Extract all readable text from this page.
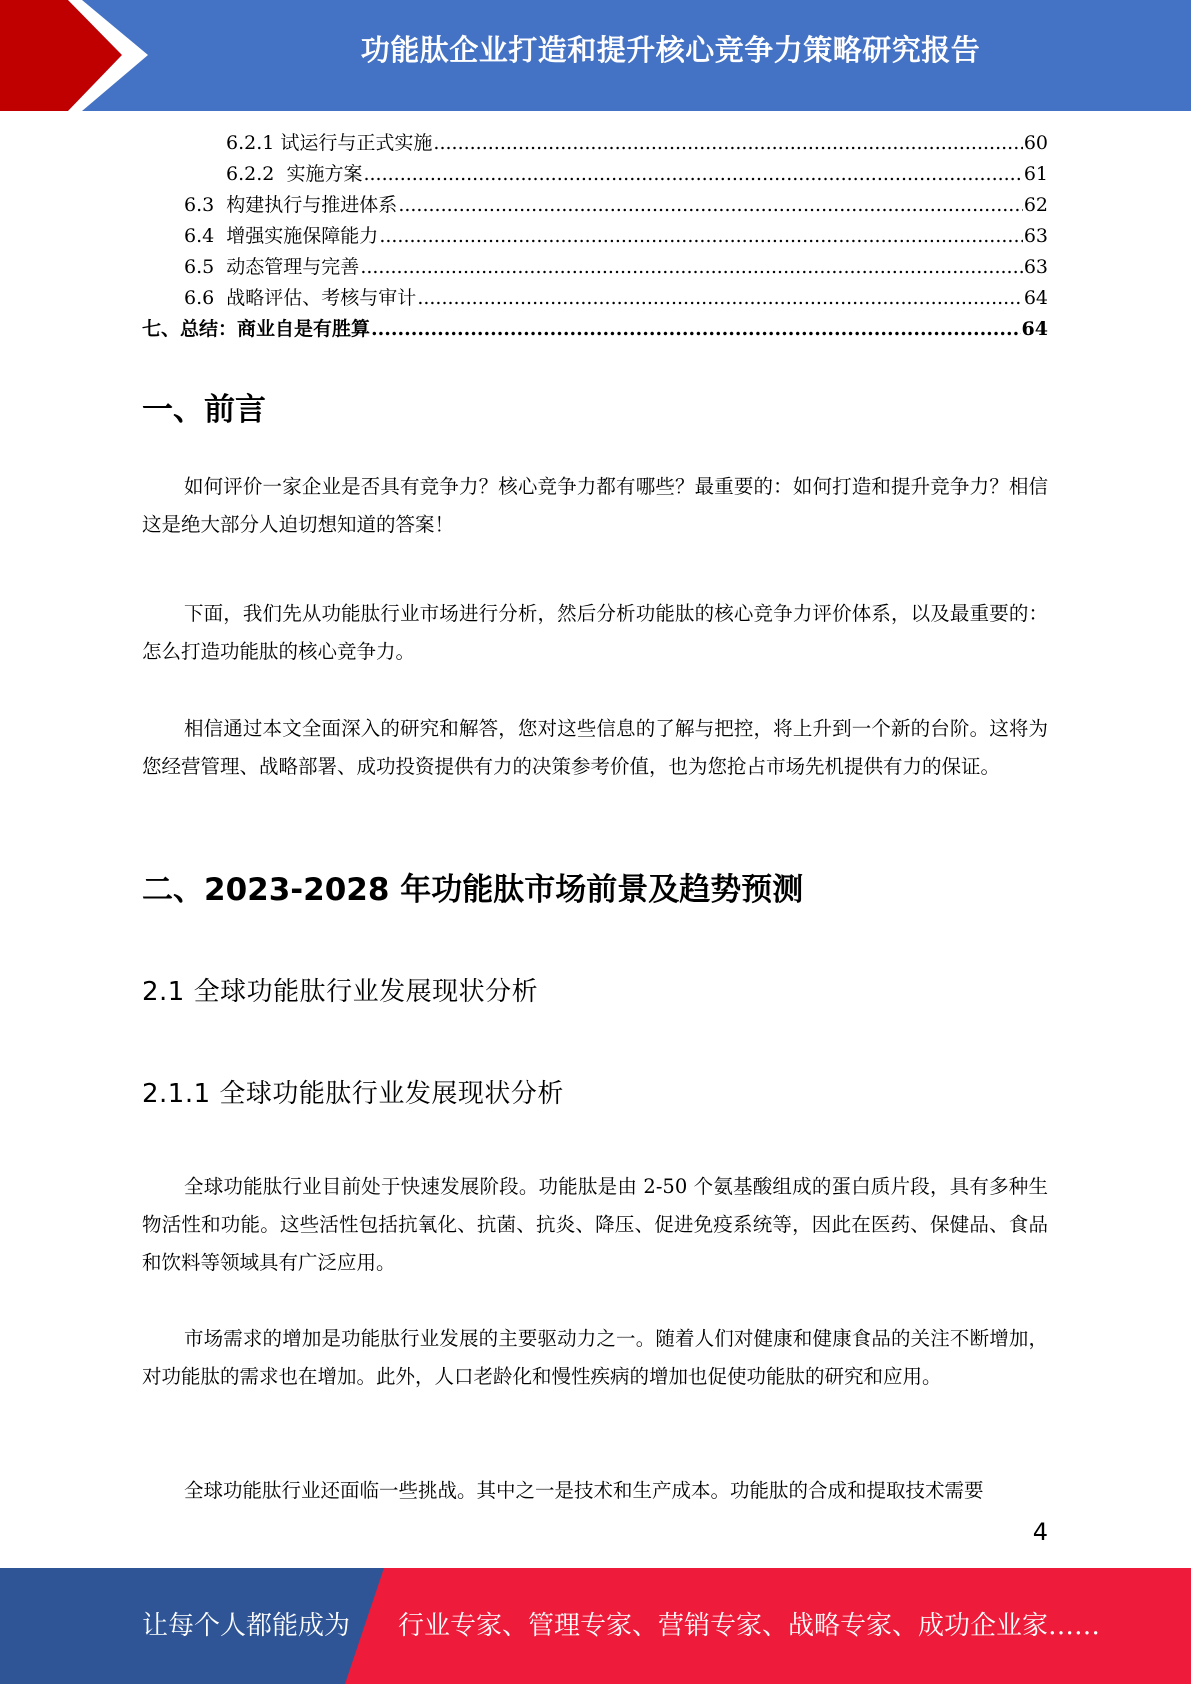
功能肽企业打造和提升核心竞争力策略研究报告
6.2.1 试运行与正式实施 .....	60
6.2.2 实施方案 .....	61
6.3 构建执行与推进体系 .....	62
6.4 增强实施保障能力 .....	63
6.5 动态管理与完善 .....	63
6.6 战略评估、考核与审计 .....	64
七、总结：商业自是有胜算 .....	64
一、前言

如何评价一家企业是否具有竞争力？核心竞争力都有哪些？最重要的：如何打造和提升竞争力？相信这是绝大部分人迫切想知道的答案！

下面，我们先从功能肽行业市场进行分析，然后分析功能肽的核心竞争力评价体系，以及最重要的：怎么打造功能肽的核心竞争力。

相信通过本文全面深入的研究和解答，您对这些信息的了解与把控，将上升到一个新的台阶。这将为您经营管理、战略部署、成功投资提供有力的决策参考价值，也为您抢占市场先机提供有力的保证。

二、2023-2028 年功能肽市场前景及趋势预测
2.1 全球功能肽行业发展现状分析
2.1.1 全球功能肽行业发展现状分析

全球功能肽行业目前处于快速发展阶段。功能肽是由 2-50 个氨基酸组成的蛋白质片段，具有多种生物活性和功能。这些活性包括抗氧化、抗菌、抗炎、降压、促进免疫系统等，因此在医药、保健品、食品和饮料等领域具有广泛应用。

市场需求的增加是功能肽行业发展的主要驱动力之一。随着人们对健康和健康食品的关注不断增加，对功能肽的需求也在增加。此外，人口老龄化和慢性疾病的增加也促使功能肽的研究和应用。

全球功能肽行业还面临一些挑战。其中之一是技术和生产成本。功能肽的合成和提取技术需要

4
让每个人都能成为 行业专家、管理专家、营销专家、战略专家、成功企业家……
